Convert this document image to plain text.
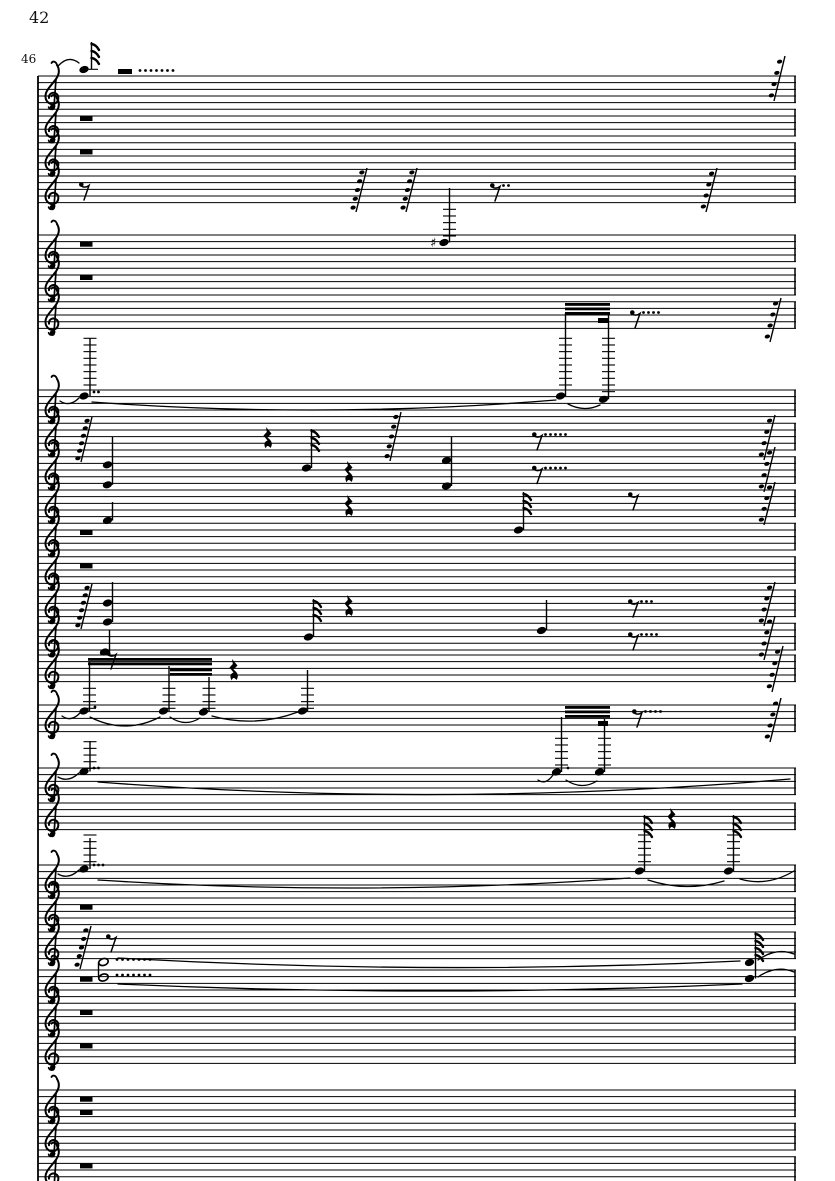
42
46
♯
